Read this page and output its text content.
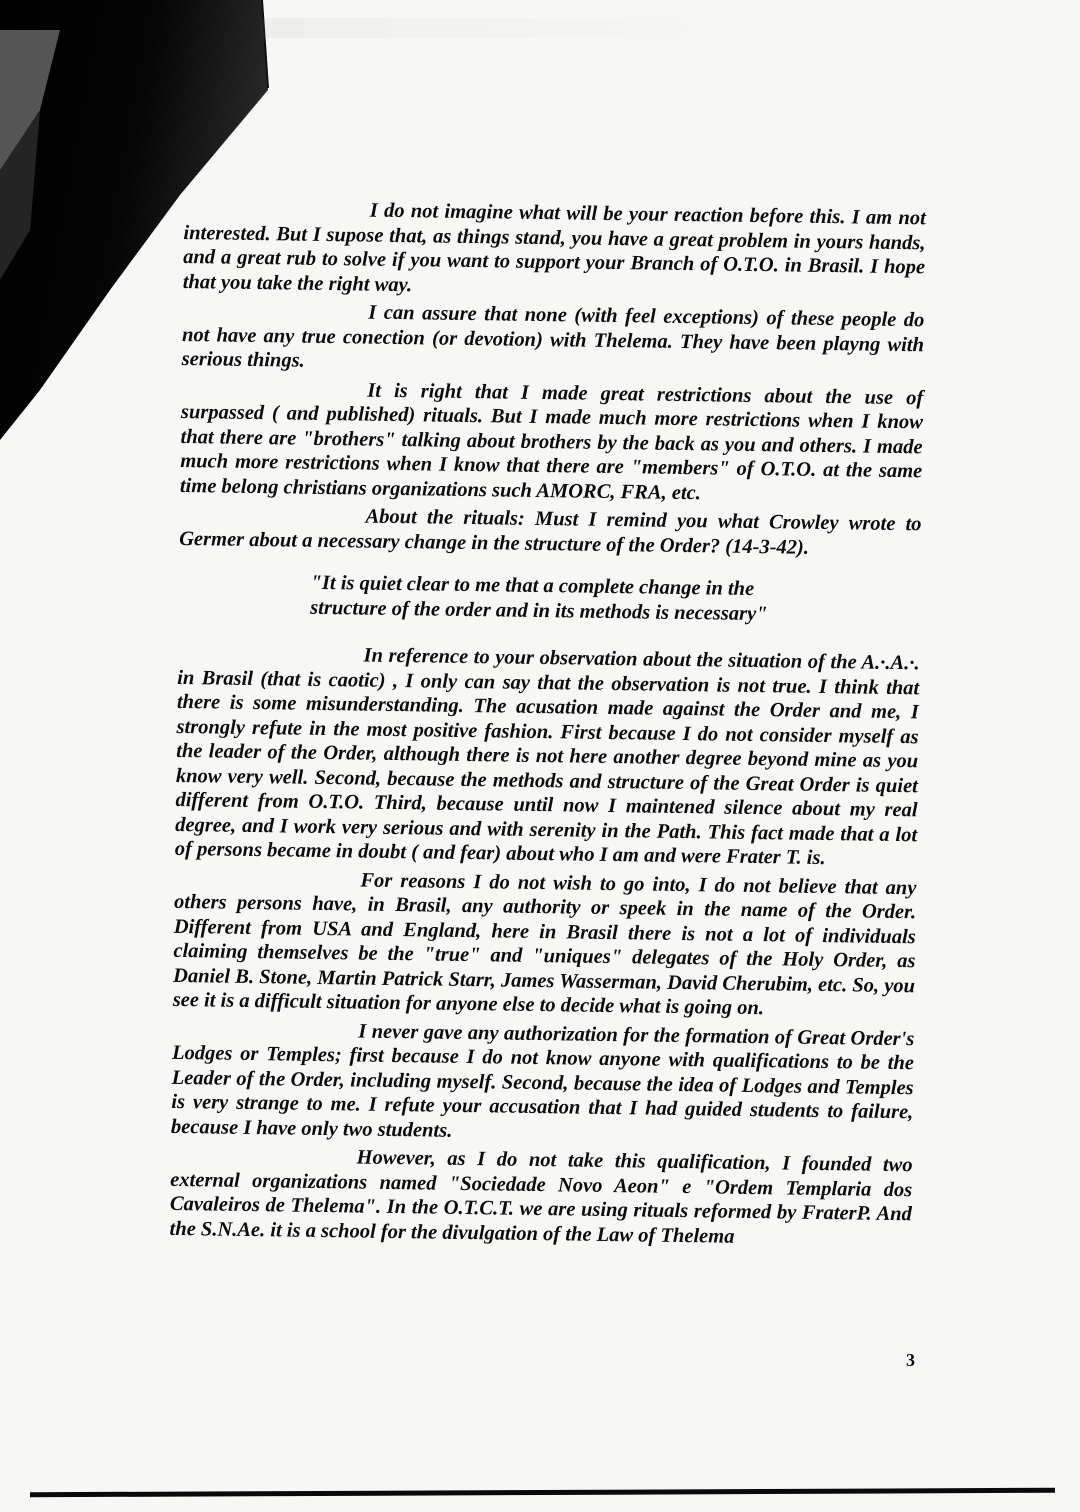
I do not imagine what will be your reaction before this. I am not interested. But I supose that, as things stand, you have a great problem in yours hands, and a great rub to solve if you want to support your Branch of O.T.O. in Brasil. I hope that you take the right way.

I can assure that none (with feel exceptions) of these people do not have any true conection (or devotion) with Thelema. They have been playng with serious things.

It is right that I made great restrictions about the use of surpassed ( and published) rituals. But I made much more restrictions when I know that there are "brothers" talking about brothers by the back as you and others. I made much more restrictions when I know that there are "members" of O.T.O. at the same time belong christians organizations such AMORC, FRA, etc.

About the rituals: Must I remind you what Crowley wrote to Germer about a necessary change in the structure of the Order? (14-3-42).

"It is quiet clear to me that a complete change in the structure of the order and in its methods is necessary"

In reference to your observation about the situation of the A.·.A.·. in Brasil (that is caotic) , I only can say that the observation is not true. I think that there is some misunderstanding. The acusation made against the Order and me, I strongly refute in the most positive fashion. First because I do not consider myself as the leader of the Order, although there is not here another degree beyond mine as you know very well. Second, because the methods and structure of the Great Order is quiet different from O.T.O. Third, because until now I maintened silence about my real degree, and I work very serious and with serenity in the Path. This fact made that a lot of persons became in doubt ( and fear) about who I am and were Frater T. is.

For reasons I do not wish to go into, I do not believe that any others persons have, in Brasil, any authority or speek in the name of the Order. Different from USA and England, here in Brasil there is not a lot of individuals claiming themselves be the "true" and "uniques" delegates of the Holy Order, as Daniel B. Stone, Martin Patrick Starr, James Wasserman, David Cherubim, etc. So, you see it is a difficult situation for anyone else to decide what is going on.

I never gave any authorization for the formation of Great Order's Lodges or Temples; first because I do not know anyone with qualifications to be the Leader of the Order, including myself. Second, because the idea of Lodges and Temples is very strange to me. I refute your accusation that I had guided students to failure, because I have only two students.

However, as I do not take this qualification, I founded two external organizations named "Sociedade Novo Aeon" e "Ordem Templaria dos Cavaleiros de Thelema". In the O.T.C.T. we are using rituals reformed by FraterP. And the S.N.Ae. it is a school for the divulgation of the Law of Thelema

3
